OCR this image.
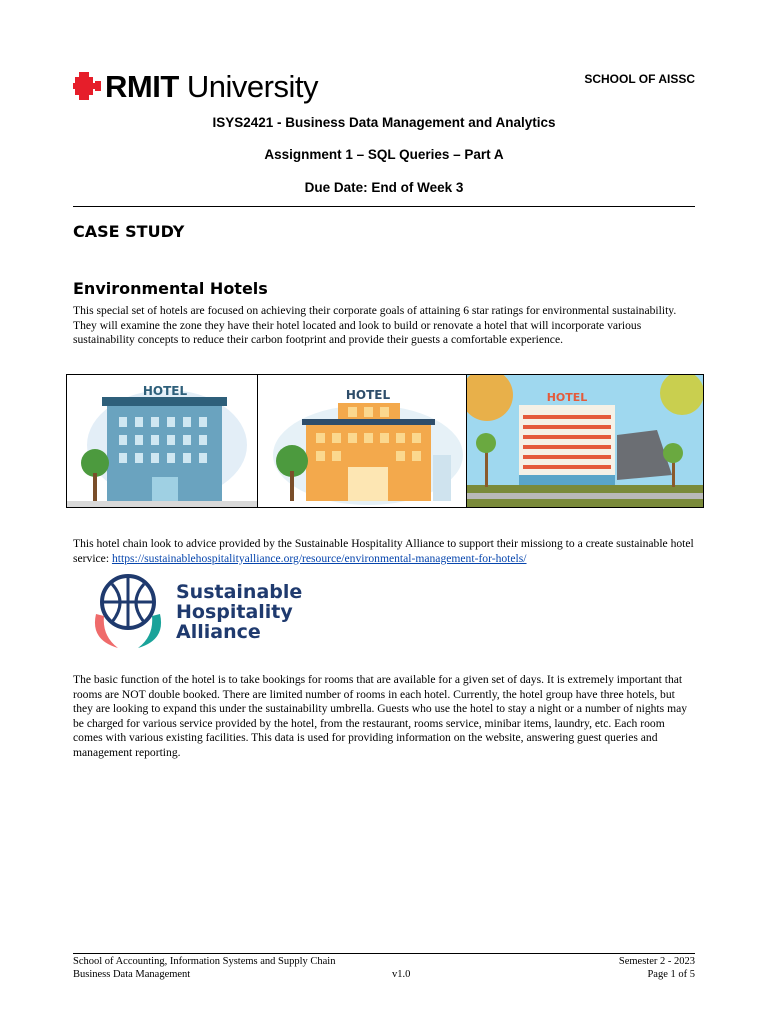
RMIT University	SCHOOL OF AISSC
ISYS2421 - Business Data Management and Analytics
Assignment 1 – SQL Queries – Part A
Due Date: End of Week 3
CASE STUDY
Environmental Hotels
This special set of hotels are focused on achieving their corporate goals of attaining 6 star ratings for environmental sustainability. They will examine the zone they have their hotel located and look to build or renovate a hotel that will incorporate various sustainability concepts to reduce their carbon footprint and provide their guests a comfortable experience.
HOTEL	HOTEL	HOTEL
This hotel chain look to advice provided by the Sustainable Hospitality Alliance to support their missiong to a create sustainable hotel service: https://sustainablehospitalityalliance.org/resource/environmental-management-for-hotels/
Sustainable
Hospitality
Alliance
The basic function of the hotel is to take bookings for rooms that are available for a given set of days. It is extremely important that rooms are NOT double booked. There are limited number of rooms in each hotel. Currently, the hotel group have three hotels, but they are looking to expand this under the sustainability umbrella. Guests who use the hotel to stay a night or a number of nights may be charged for various service provided by the hotel, from the restaurant, rooms service, minibar items, laundry, etc. Each room comes with various existing facilities. This data is used for providing information on the website, answering guest queries and management reporting.
School of Accounting, Information Systems and Supply Chain
Business Data Management	v1.0
Semester 2 - 2023
Page 1 of 5
